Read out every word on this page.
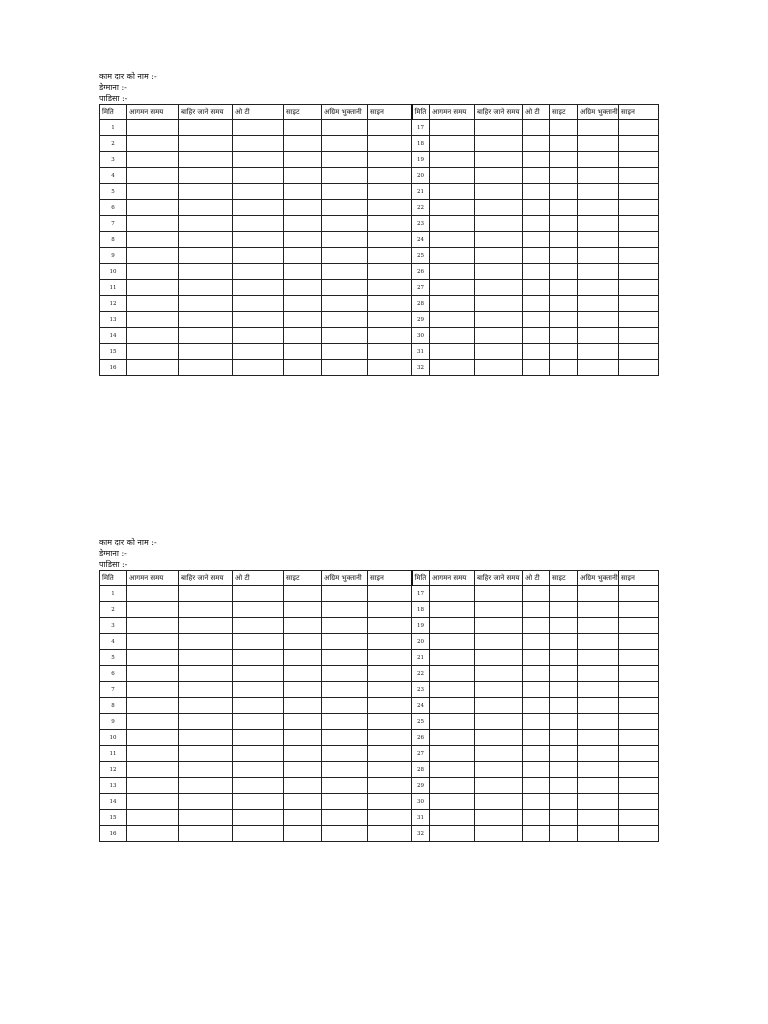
काम दार को नाम :-
डेग्माना :-
पाडिसा :-
मिति	आगमन समय	बाहिर जाने समय	ओ टी	साइट	अग्रिम भुक्तानी	साइन	मिति	आगमन समय	बाहिर जाने समय	ओ टी	साइट	अग्रिम भुक्तानी	साइन
1							17						
2							18						
3							19						
4							20						
5							21						
6							22						
7							23						
8							24						
9							25						
10							26						
11							27						
12							28						
13							29						
14							30						
15							31						
16							32						
काम दार को नाम :-
डेग्माना :-
पाडिसा :-
मिति	आगमन समय	बाहिर जाने समय	ओ टी	साइट	अग्रिम भुक्तानी	साइन	मिति	आगमन समय	बाहिर जाने समय	ओ टी	साइट	अग्रिम भुक्तानी	साइन
1							17						
2							18						
3							19						
4							20						
5							21						
6							22						
7							23						
8							24						
9							25						
10							26						
11							27						
12							28						
13							29						
14							30						
15							31						
16							32						
